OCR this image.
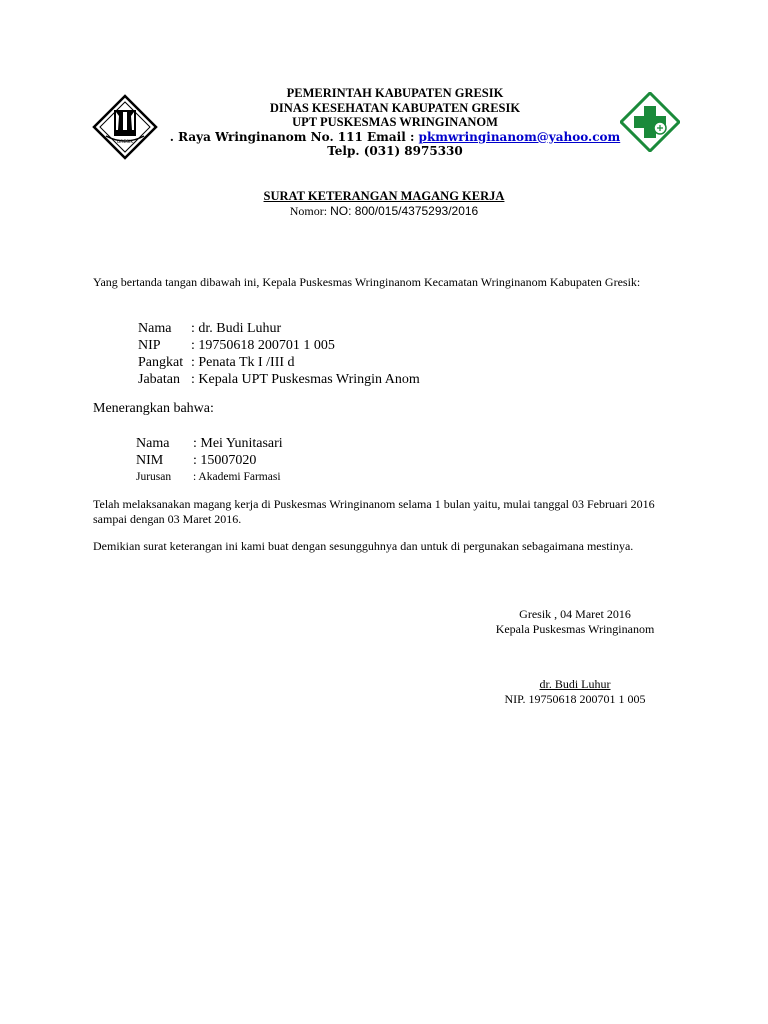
GRESIK
PEMERINTAH KABUPATEN GRESIK
DINAS KESEHATAN KABUPATEN GRESIK
UPT PUSKESMAS WRINGINANOM
. Raya Wringinanom No. 111 Email : pkmwringinanom@yahoo.com
Telp. (031) 8975330
SURAT KETERANGAN MAGANG KERJA
Nomor: NO: 800/015/4375293/2016
Yang bertanda tangan dibawah ini, Kepala Puskesmas Wringinanom Kecamatan Wringinanom Kabupaten Gresik:
Nama	: dr. Budi Luhur
NIP	: 19750618 200701 1 005
Pangkat : Penata Tk I /III d
Jabatan : Kepala UPT Puskesmas Wringin Anom
Menerangkan bahwa:
Nama	: Mei Yunitasari
NIM	: 15007020
Jurusan	: Akademi Farmasi
Telah melaksanakan magang kerja di Puskesmas Wringinanom selama 1 bulan yaitu, mulai tanggal 03 Februari 2016 sampai dengan 03 Maret 2016.
Demikian surat keterangan ini kami buat dengan sesungguhnya dan untuk di pergunakan sebagaimana mestinya.
Gresik , 04 Maret 2016
Kepala Puskesmas Wringinanom
dr. Budi Luhur
NIP. 19750618 200701 1 005
